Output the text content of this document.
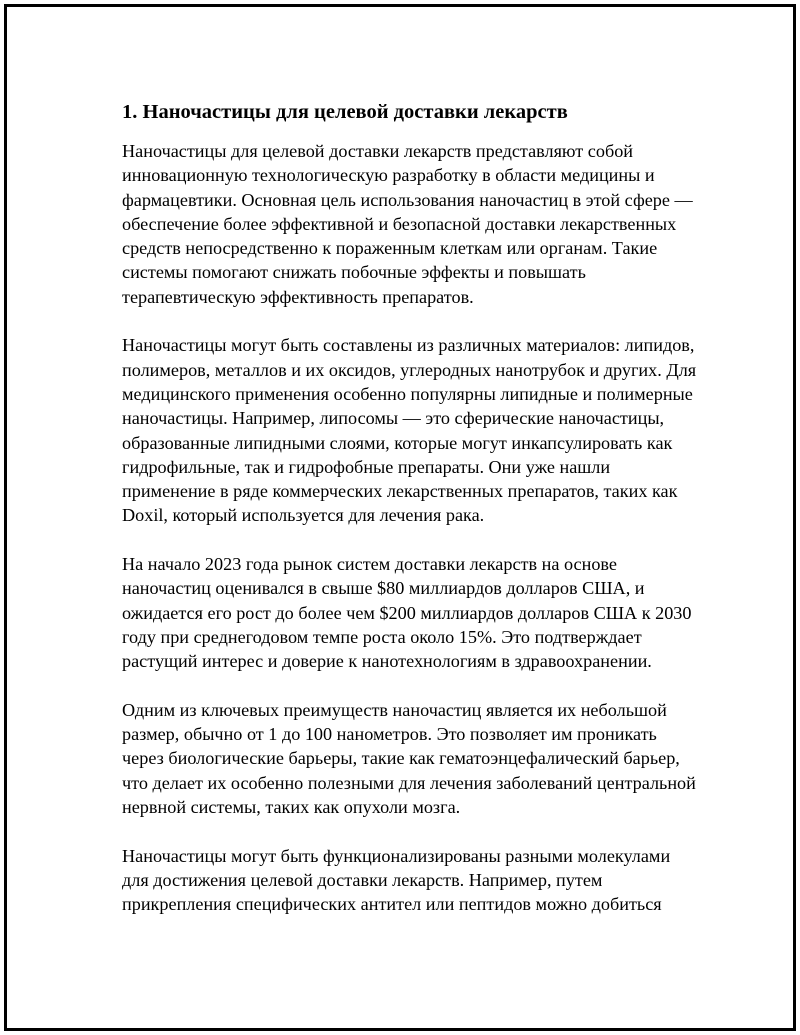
1. Наночастицы для целевой доставки лекарств

Наночастицы для целевой доставки лекарств представляют собой инновационную технологическую разработку в области медицины и фармацевтики. Основная цель использования наночастиц в этой сфере — обеспечение более эффективной и безопасной доставки лекарственных средств непосредственно к пораженным клеткам или органам. Такие системы помогают снижать побочные эффекты и повышать терапевтическую эффективность препаратов.

Наночастицы могут быть составлены из различных материалов: липидов, полимеров, металлов и их оксидов, углеродных нанотрубок и других. Для медицинского применения особенно популярны липидные и полимерные наночастицы. Например, липосомы — это сферические наночастицы, образованные липидными слоями, которые могут инкапсулировать как гидрофильные, так и гидрофобные препараты. Они уже нашли применение в ряде коммерческих лекарственных препаратов, таких как Doxil, который используется для лечения рака.

На начало 2023 года рынок систем доставки лекарств на основе наночастиц оценивался в свыше $80 миллиардов долларов США, и ожидается его рост до более чем $200 миллиардов долларов США к 2030 году при среднегодовом темпе роста около 15%. Это подтверждает растущий интерес и доверие к нанотехнологиям в здравоохранении.

Одним из ключевых преимуществ наночастиц является их небольшой размер, обычно от 1 до 100 нанометров. Это позволяет им проникать через биологические барьеры, такие как гематоэнцефалический барьер, что делает их особенно полезными для лечения заболеваний центральной нервной системы, таких как опухоли мозга.

Наночастицы могут быть функционализированы разными молекулами для достижения целевой доставки лекарств. Например, путем прикрепления специфических антител или пептидов можно добиться
